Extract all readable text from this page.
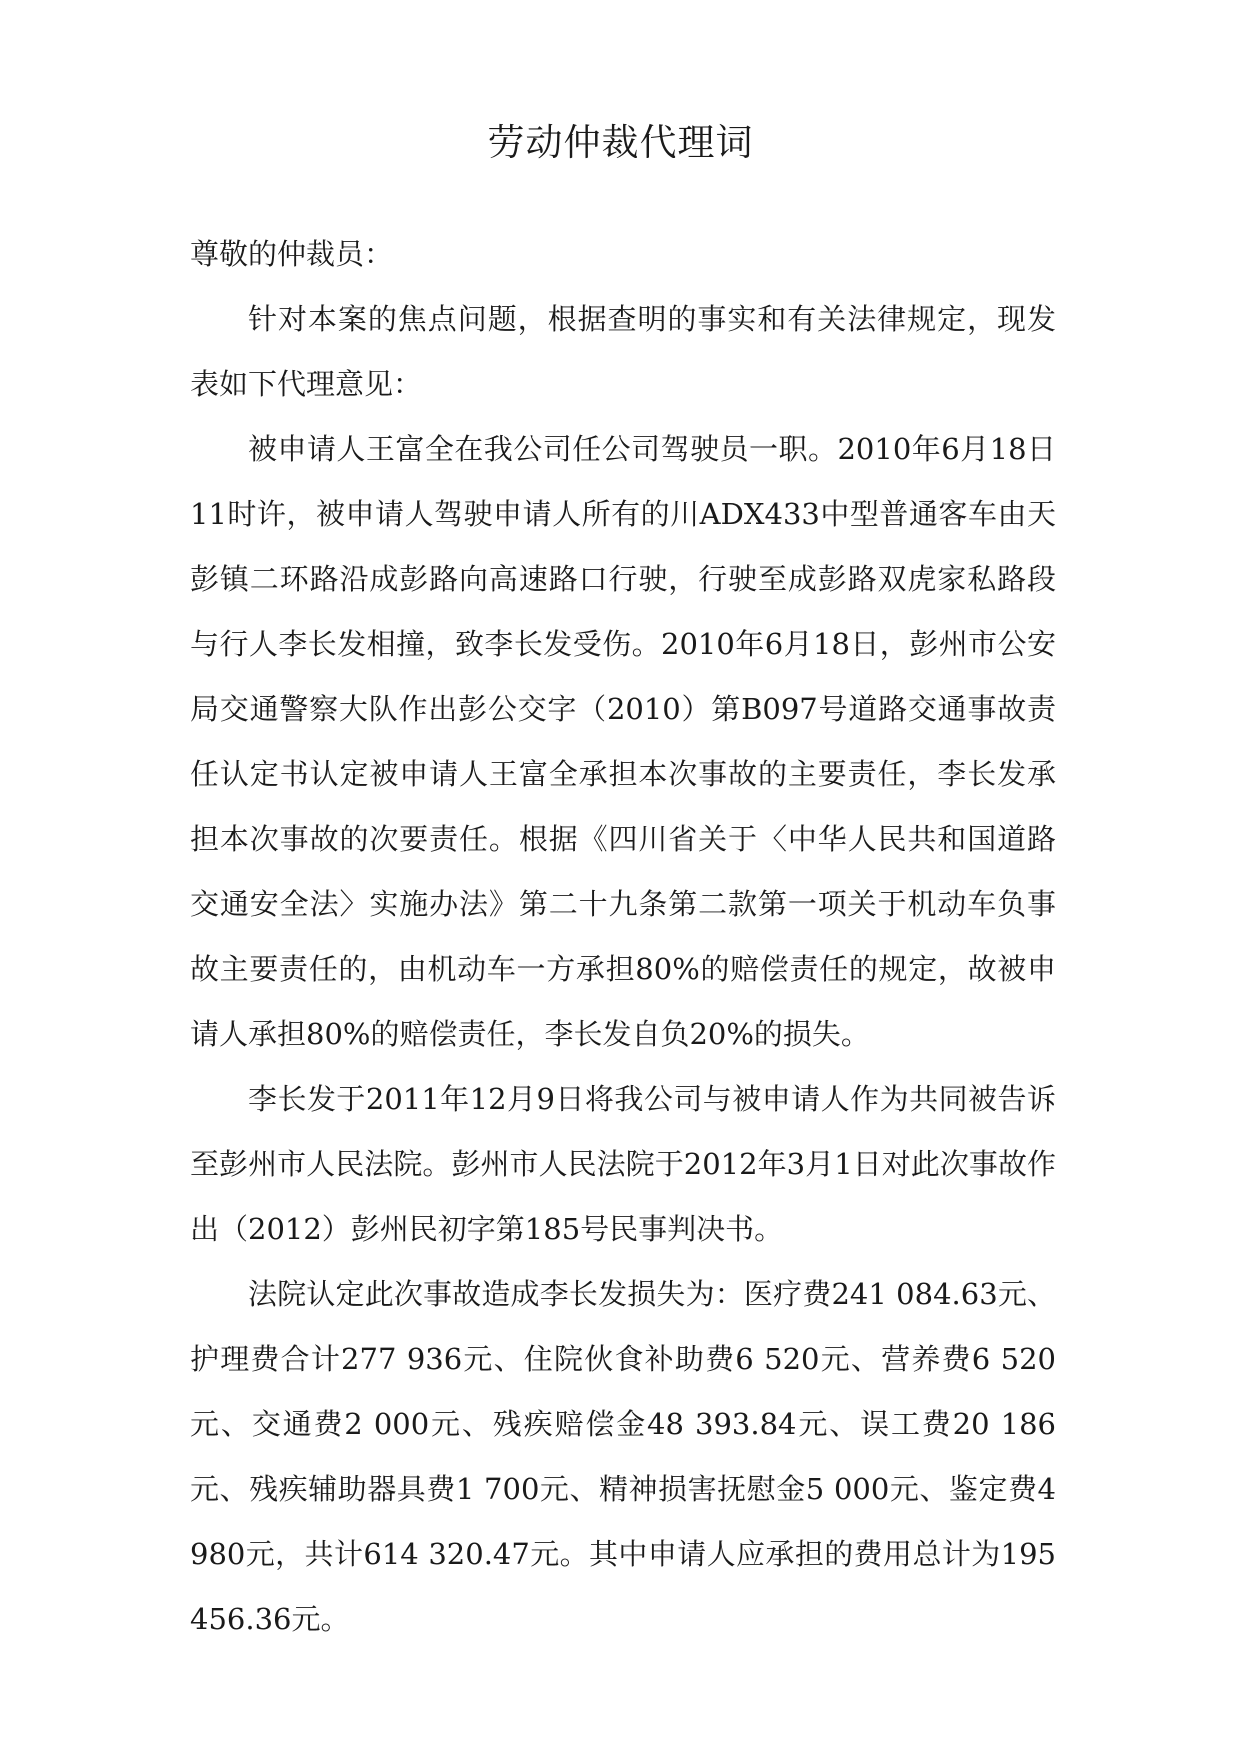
劳动仲裁代理词

尊敬的仲裁员：

针对本案的焦点问题，根据查明的事实和有关法律规定，现发表如下代理意见：

被申请人王富全在我公司任公司驾驶员一职。2010年6月18日11时许，被申请人驾驶申请人所有的川ADX433中型普通客车由天彭镇二环路沿成彭路向高速路口行驶，行驶至成彭路双虎家私路段与行人李长发相撞，致李长发受伤。2010年6月18日，彭州市公安局交通警察大队作出彭公交字（2010）第B097号道路交通事故责任认定书认定被申请人王富全承担本次事故的主要责任，李长发承担本次事故的次要责任。根据《四川省关于〈中华人民共和国道路交通安全法〉实施办法》第二十九条第二款第一项关于机动车负事故主要责任的，由机动车一方承担80%的赔偿责任的规定，故被申请人承担80%的赔偿责任，李长发自负20%的损失。

李长发于2011年12月9日将我公司与被申请人作为共同被告诉至彭州市人民法院。彭州市人民法院于2012年3月1日对此次事故作出（2012）彭州民初字第185号民事判决书。

法院认定此次事故造成李长发损失为：医疗费241 084.63元、护理费合计277 936元、住院伙食补助费6 520元、营养费6 520元、交通费2 000元、残疾赔偿金48 393.84元、误工费20 186元、残疾辅助器具费1 700元、精神损害抚慰金5 000元、鉴定费4 980元，共计614 320.47元。其中申请人应承担的费用总计为195 456.36元。
